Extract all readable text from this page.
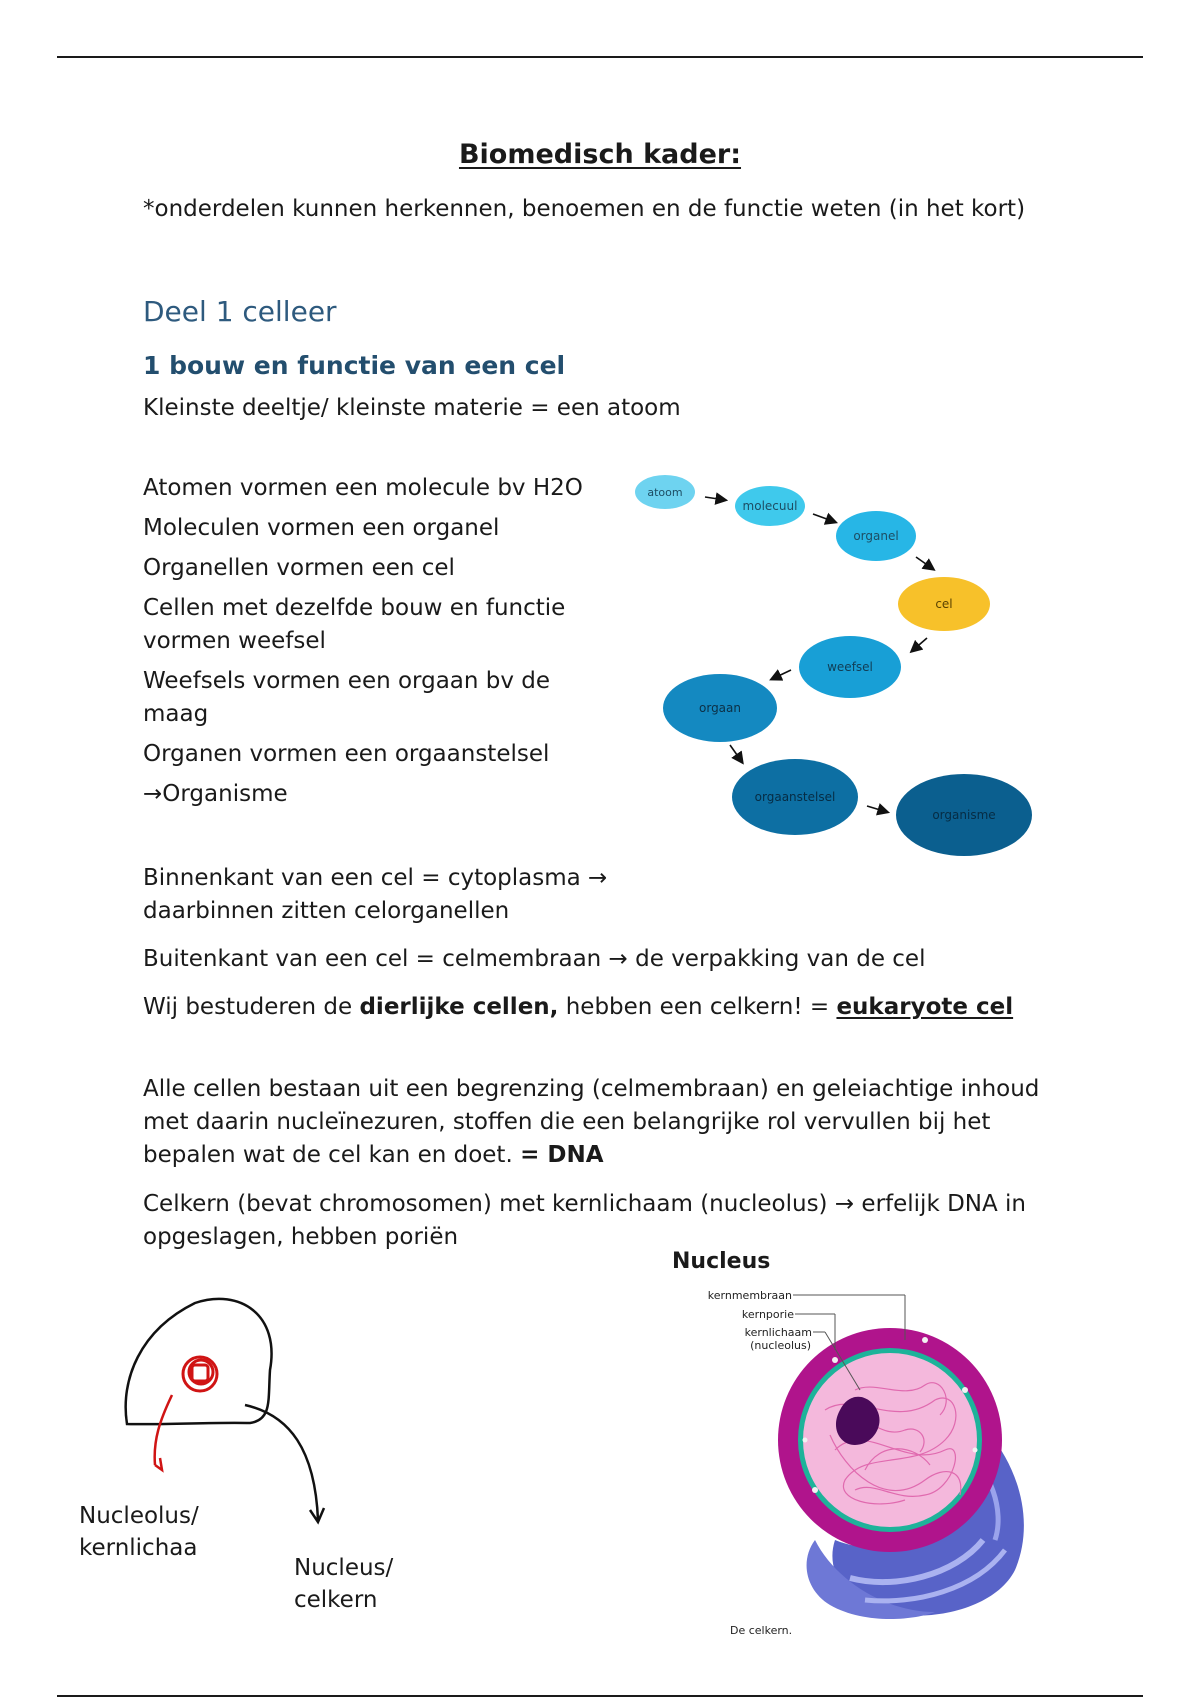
Biomedisch kader:

*onderdelen kunnen herkennen, benoemen en de functie weten (in het kort)

Deel 1 celleer
1 bouw en functie van een cel

Kleinste deeltje/ kleinste materie = een atoom

Atomen vormen een molecule bv H2O

Moleculen vormen een organel

Organellen vormen een cel

Cellen met dezelfde bouw en functie vormen weefsel

Weefsels vormen een orgaan bv de maag

Organen vormen een orgaanstelsel

→Organisme

atoom
molecuul
organel
cel
weefsel
orgaan
orgaanstelsel
organisme

Binnenkant van een cel = cytoplasma → daarbinnen zitten celorganellen

Buitenkant van een cel = celmembraan → de verpakking van de cel

Wij bestuderen de dierlijke cellen, hebben een celkern! = eukaryote cel

Alle cellen bestaan uit een begrenzing (celmembraan) en geleiachtige inhoud met daarin nucleïnezuren, stoffen die een belangrijke rol vervullen bij het bepalen wat de cel kan en doet. = DNA

Celkern (bevat chromosomen) met kernlichaam (nucleolus) → erfelijk DNA in opgeslagen, hebben poriën

Nucleolus/
kernlichaa
Nucleus/
celkern
Nucleus
kernmembraan
kernporie
kernlichaam
(nucleolus)
De celkern.
